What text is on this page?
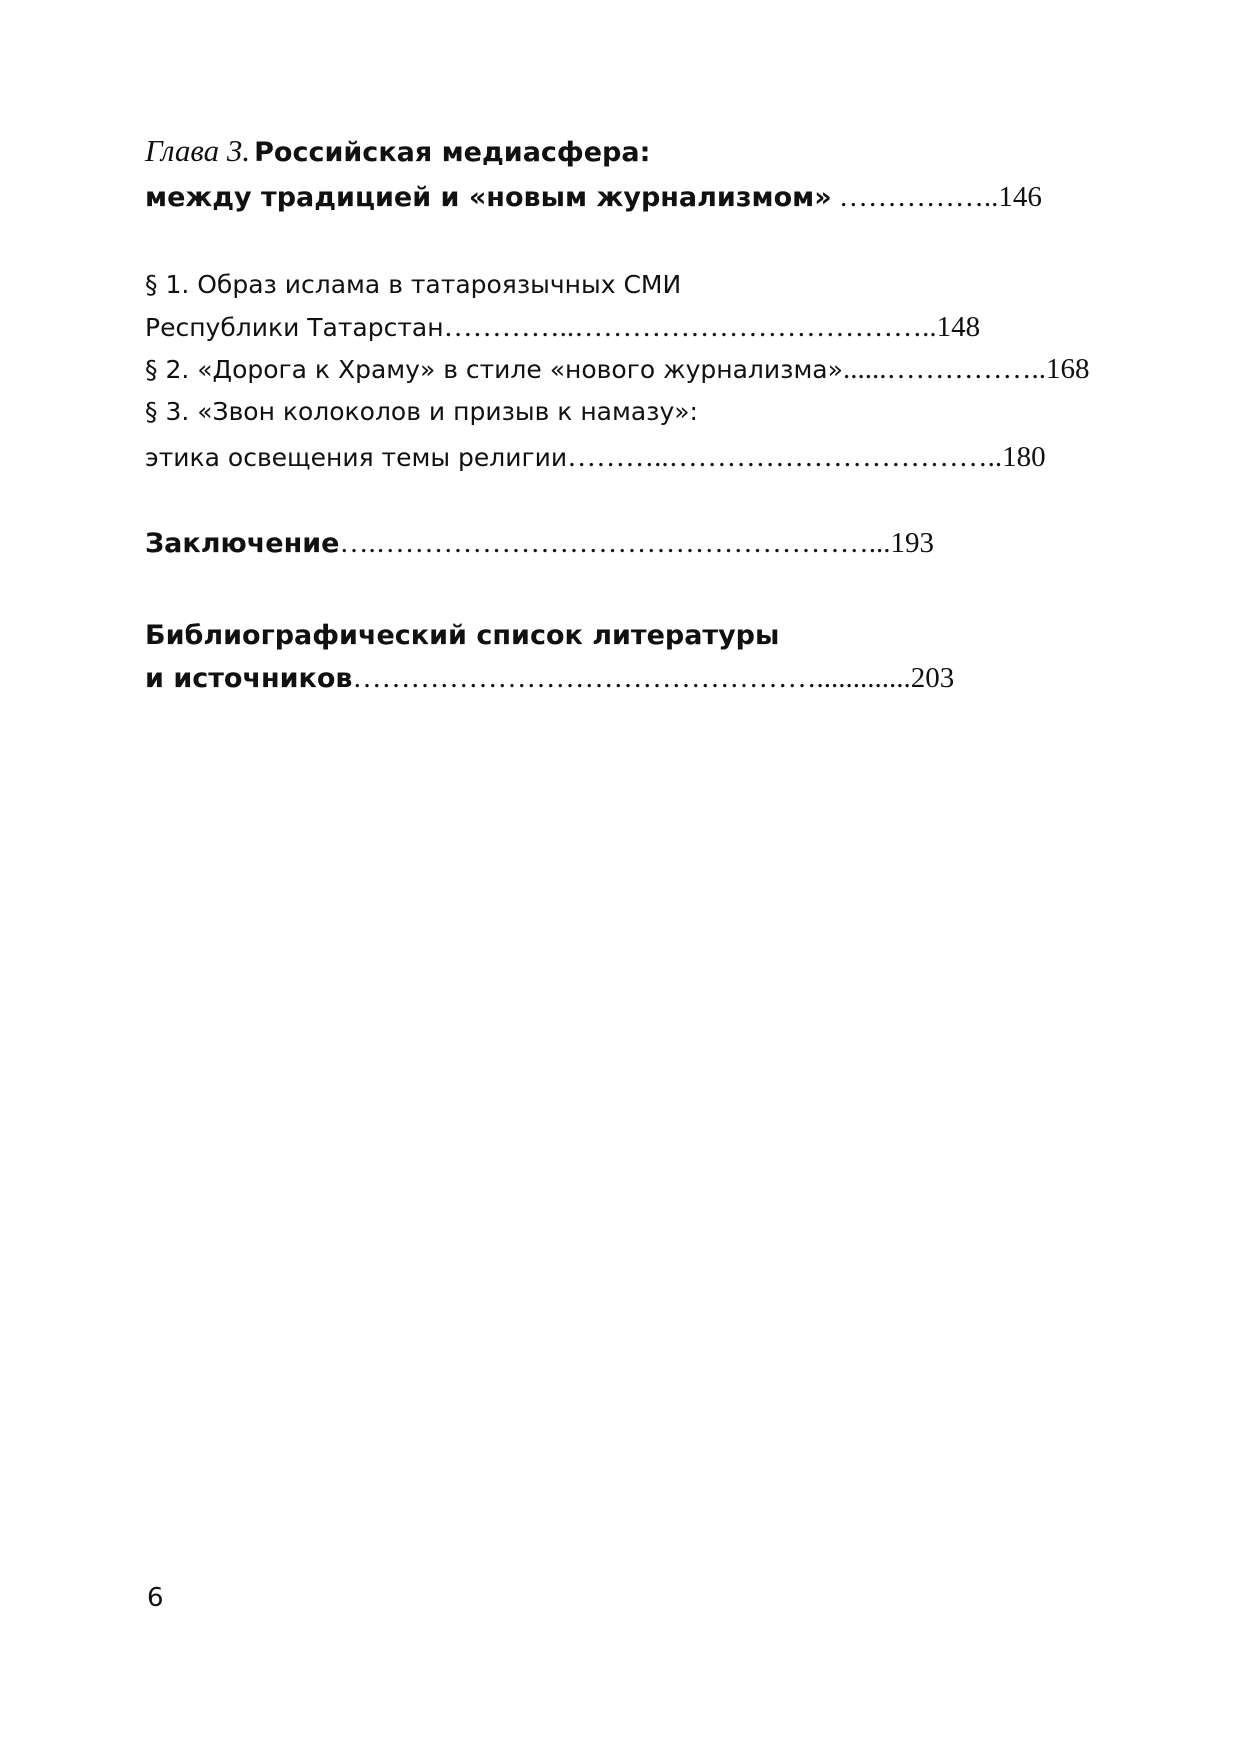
Глава 3. Российская медиасфера:
между традицией и «новым журнализмом» ……………..146
§ 1. Образ ислама в татароязычных СМИ
Республики Татарстан…………..………………………………..148
§ 2. «Дорога к Храму» в стиле «нового журнализма»......……………..168
§ 3. «Звон колоколов и призыв к намазу»:
этика освещения темы религии………..……………………………..180
Заключение….……………………………………………...193
Библиографический список литературы
и источников………………………………………….............203
6
